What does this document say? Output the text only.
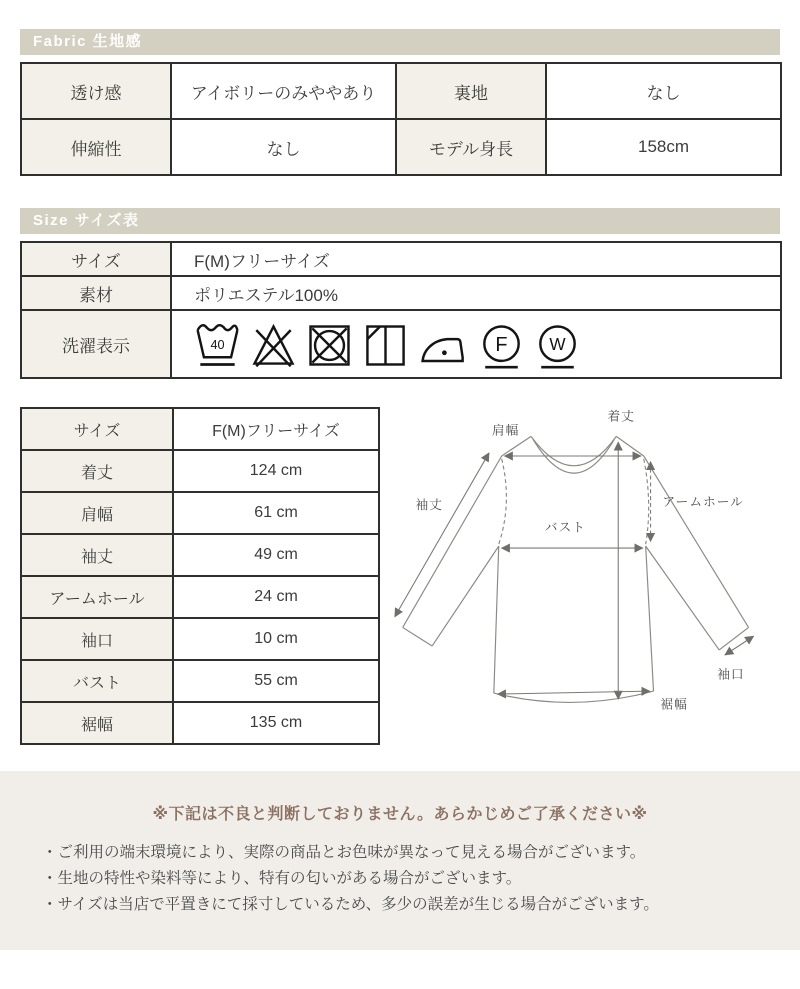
Fabric 生地感
透け感	アイボリーのみややあり	裏地	なし
伸縮性	なし	モデル身長	158cm
Size サイズ表
サイズ	F(M)フリーサイズ
素材	ポリエステル100%
洗濯表示	40 F W
サイズ	F(M)フリーサイズ
着丈	124 cm
肩幅	61 cm
袖丈	49 cm
アームホール	24 cm
袖口	10 cm
バスト	55 cm
裾幅	135 cm
肩幅
着丈
袖丈	アームホール
バスト
袖口
裾幅
※下記は不良と判断しておりません。あらかじめご了承ください※
・ご利用の端末環境により、実際の商品とお色味が異なって見える場合がございます。
・生地の特性や染料等により、特有の匂いがある場合がございます。
・サイズは当店で平置きにて採寸しているため、多少の誤差が生じる場合がございます。
